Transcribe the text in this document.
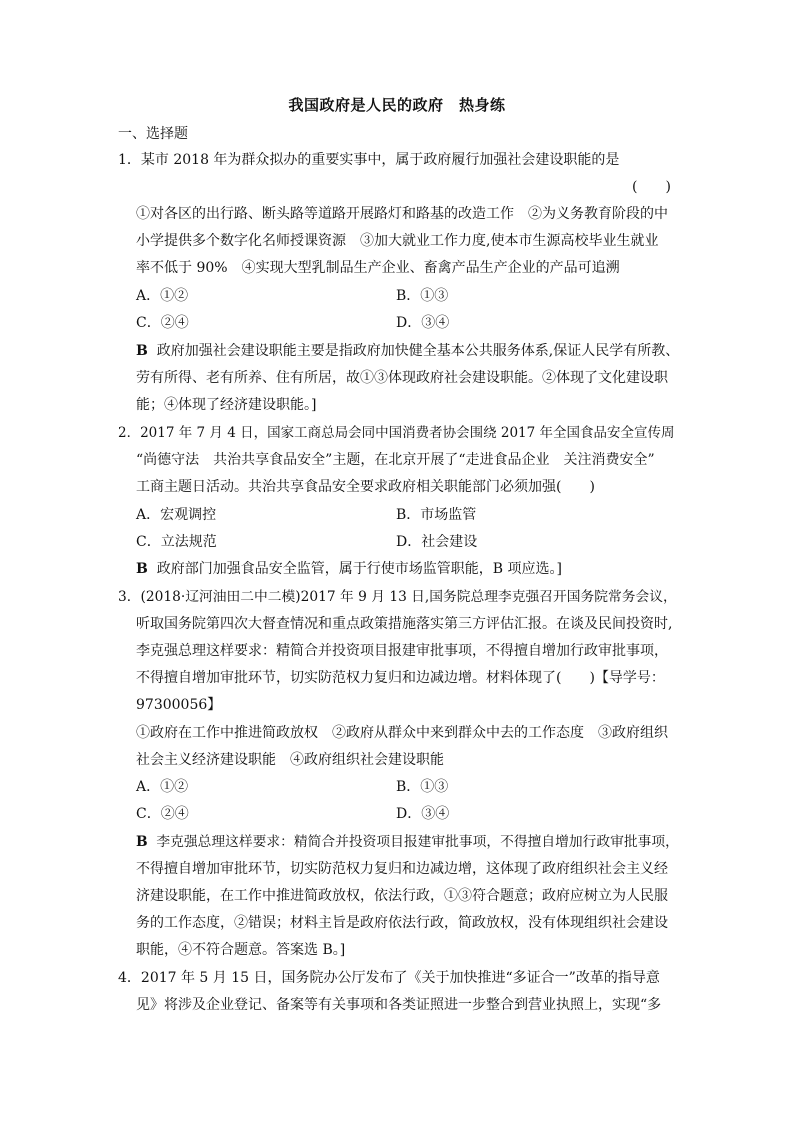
我国政府是人民的政府　热身练
一、选择题
1．某市 2018 年为群众拟办的重要实事中，属于政府履行加强社会建设职能的是
(　　)
①对各区的出行路、断头路等道路开展路灯和路基的改造工作　②为义务教育阶段的中
小学提供多个数字化名师授课资源　③加大就业工作力度,使本市生源高校毕业生就业
率不低于 90%　④实现大型乳制品生产企业、畜禽产品生产企业的产品可追溯
A．①②	B．①③
C．②④	D．③④
B 政府加强社会建设职能主要是指政府加快健全基本公共服务体系,保证人民学有所教、
劳有所得、老有所养、住有所居，故①③体现政府社会建设职能。②体现了文化建设职
能；④体现了经济建设职能。]
2．2017 年 7 月 4 日，国家工商总局会同中国消费者协会围绕 2017 年全国食品安全宣传周
“尚德守法　共治共享食品安全”主题，在北京开展了“走进食品企业　关注消费安全”
工商主题日活动。共治共享食品安全要求政府相关职能部门必须加强(　　)
A．宏观调控	B．市场监管
C．立法规范	D．社会建设
B 政府部门加强食品安全监管，属于行使市场监管职能，B 项应选。]
3．(2018·辽河油田二中二模)2017 年 9 月 13 日,国务院总理李克强召开国务院常务会议，
听取国务院第四次大督查情况和重点政策措施落实第三方评估汇报。在谈及民间投资时,
李克强总理这样要求：精简合并投资项目报建审批事项，不得擅自增加行政审批事项，
不得擅自增加审批环节，切实防范权力复归和边减边增。材料体现了(　　)【导学号：
97300056】
①政府在工作中推进简政放权　②政府从群众中来到群众中去的工作态度　③政府组织
社会主义经济建设职能　④政府组织社会建设职能
A．①②	B．①③
C．②④	D．③④
B 李克强总理这样要求：精简合并投资项目报建审批事项，不得擅自增加行政审批事项，
不得擅自增加审批环节，切实防范权力复归和边减边增，这体现了政府组织社会主义经
济建设职能，在工作中推进简政放权，依法行政，①③符合题意；政府应树立为人民服
务的工作态度，②错误；材料主旨是政府依法行政，简政放权，没有体现组织社会建设
职能，④不符合题意。答案选 B。]
4．2017 年 5 月 15 日，国务院办公厅发布了《关于加快推进“多证合一”改革的指导意
见》将涉及企业登记、备案等有关事项和各类证照进一步整合到营业执照上，实现“多
